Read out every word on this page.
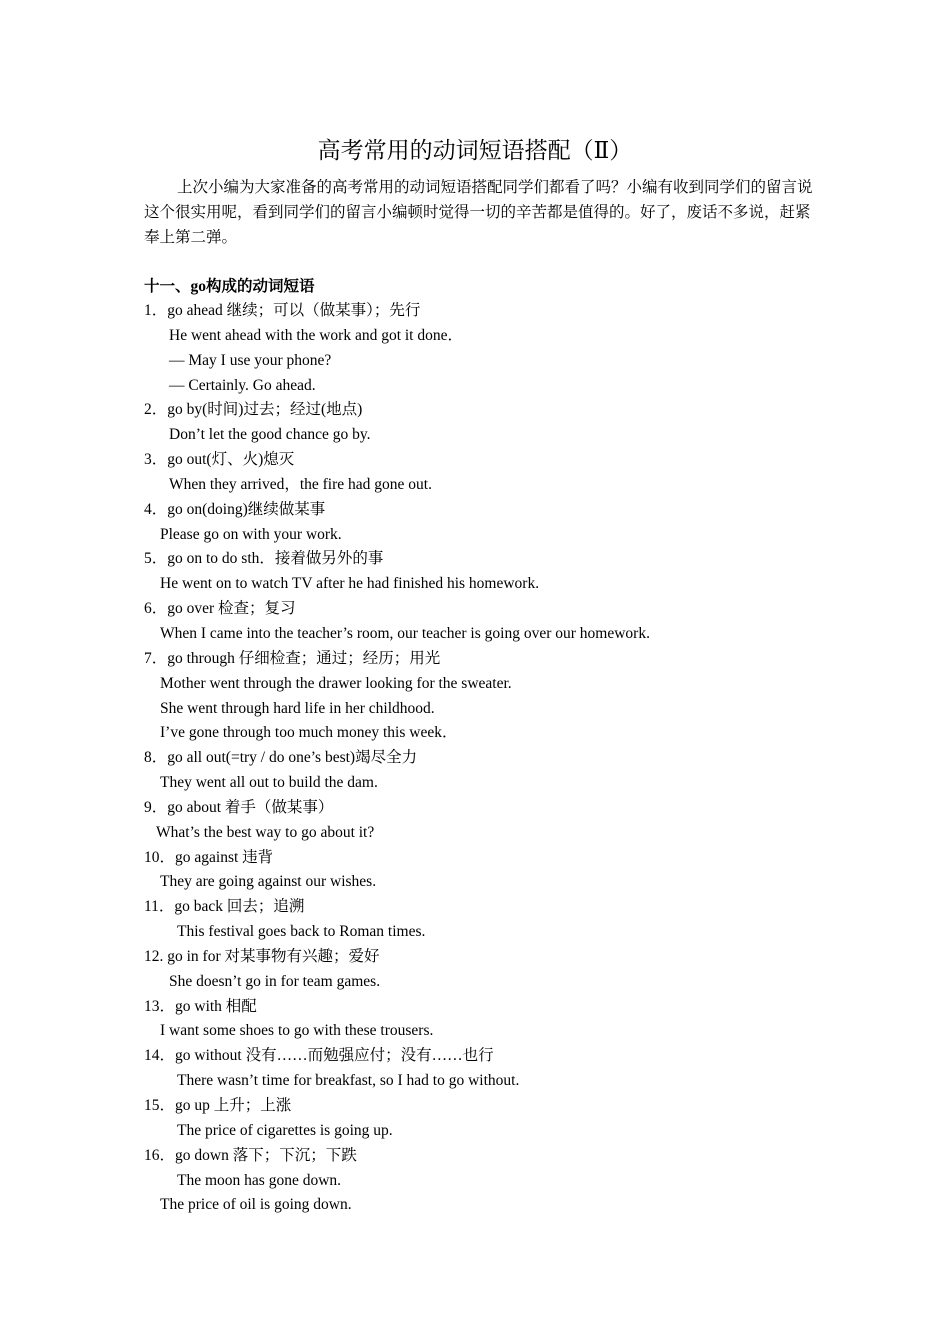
高考常用的动词短语搭配（Ⅱ）
上次小编为大家准备的高考常用的动词短语搭配同学们都看了吗？小编有收到同学们的留言说这个很实用呢，看到同学们的留言小编顿时觉得一切的辛苦都是值得的。好了，废话不多说，赶紧奉上第二弹。
十一、go构成的动词短语
1．go ahead 继续；可以（做某事）；先行
He went ahead with the work and got it done．
— May I use your phone?
— Certainly. Go ahead.
2．go by(时间)过去；经过(地点)
Don’t let the good chance go by.
3．go out(灯、火)熄灭
When they arrived，the fire had gone out.
4．go on(doing)继续做某事
Please go on with your work.
5．go on to do sth．接着做另外的事
He went on to watch TV after he had finished his homework.
6．go over 检查；复习
When I came into the teacher’s room, our teacher is going over our homework.
7．go through 仔细检查；通过；经历；用光
Mother went through the drawer looking for the sweater.
She went through hard life in her childhood.
I’ve gone through too much money this week．
8．go all out(=try / do one’s best)竭尽全力
They went all out to build the dam.
9．go about 着手（做某事）
What’s the best way to go about it?
10．go against 违背
They are going against our wishes.
11．go back 回去；追溯
This festival goes back to Roman times.
12. go in for 对某事物有兴趣；爱好
She doesn’t go in for team games.
13．go with 相配
I want some shoes to go with these trousers.
14．go without 没有……而勉强应付；没有……也行
There wasn’t time for breakfast, so I had to go without.
15．go up 上升；上涨
The price of cigarettes is going up.
16．go down 落下；下沉；下跌
The moon has gone down.
The price of oil is going down.
